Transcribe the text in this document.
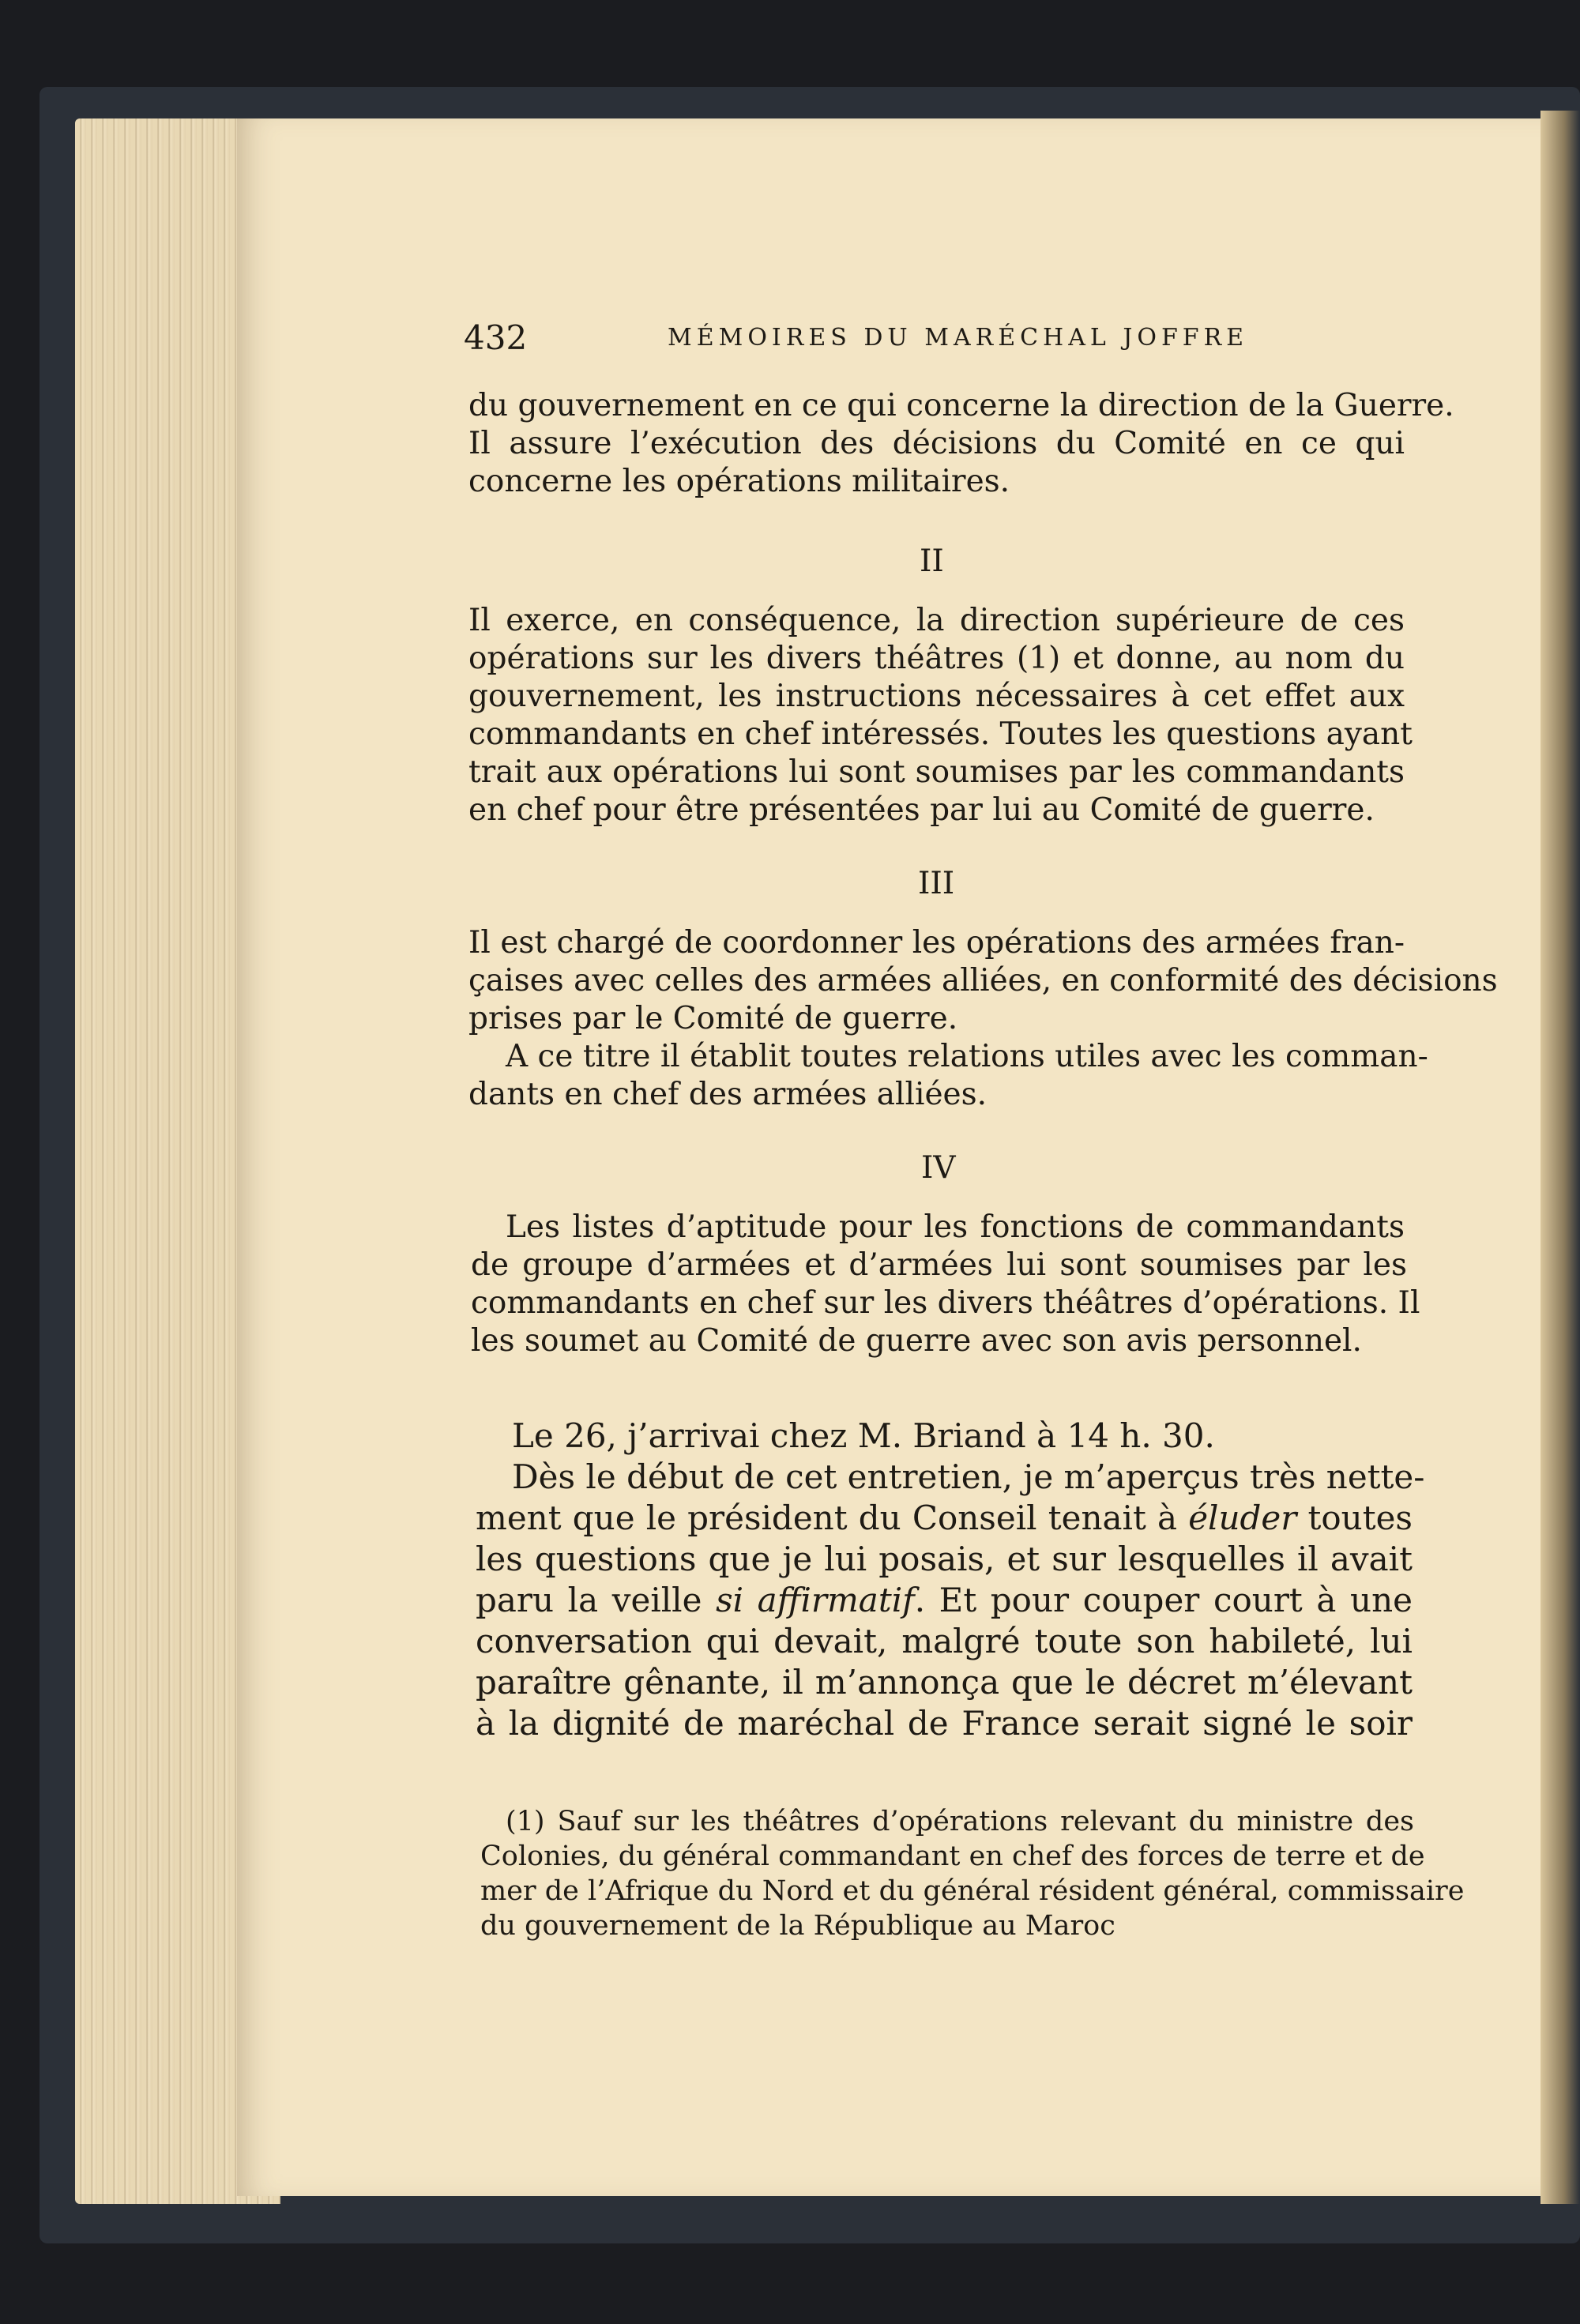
432	MÉMOIRES DU MARÉCHAL JOFFRE
du gouvernement en ce qui concerne la direction de la Guerre.
Il assure l’exécution des décisions du Comité en ce qui
concerne les opérations militaires.
II
Il exerce, en conséquence, la direction supérieure de ces
opérations sur les divers théâtres (1) et donne, au nom du
gouvernement, les instructions nécessaires à cet effet aux
commandants en chef intéressés. Toutes les questions ayant
trait aux opérations lui sont soumises par les commandants
en chef pour être présentées par lui au Comité de guerre.
III
Il est chargé de coordonner les opérations des armées fran-
çaises avec celles des armées alliées, en conformité des décisions
prises par le Comité de guerre.
A ce titre il établit toutes relations utiles avec les comman-
dants en chef des armées alliées.
IV
Les listes d’aptitude pour les fonctions de commandants
de groupe d’armées et d’armées lui sont soumises par les
commandants en chef sur les divers théâtres d’opérations. Il
les soumet au Comité de guerre avec son avis personnel.
Le 26, j’arrivai chez M. Briand à 14 h. 30.
Dès le début de cet entretien, je m’aperçus très nette-
ment que le président du Conseil tenait à éluder toutes
les questions que je lui posais, et sur lesquelles il avait
paru la veille si affirmatif. Et pour couper court à une
conversation qui devait, malgré toute son habileté, lui
paraître gênante, il m’annonça que le décret m’élevant
à la dignité de maréchal de France serait signé le soir
(1) Sauf sur les théâtres d’opérations relevant du ministre des
Colonies, du général commandant en chef des forces de terre et de
mer de l’Afrique du Nord et du général résident général, commissaire
du gouvernement de la République au Maroc
